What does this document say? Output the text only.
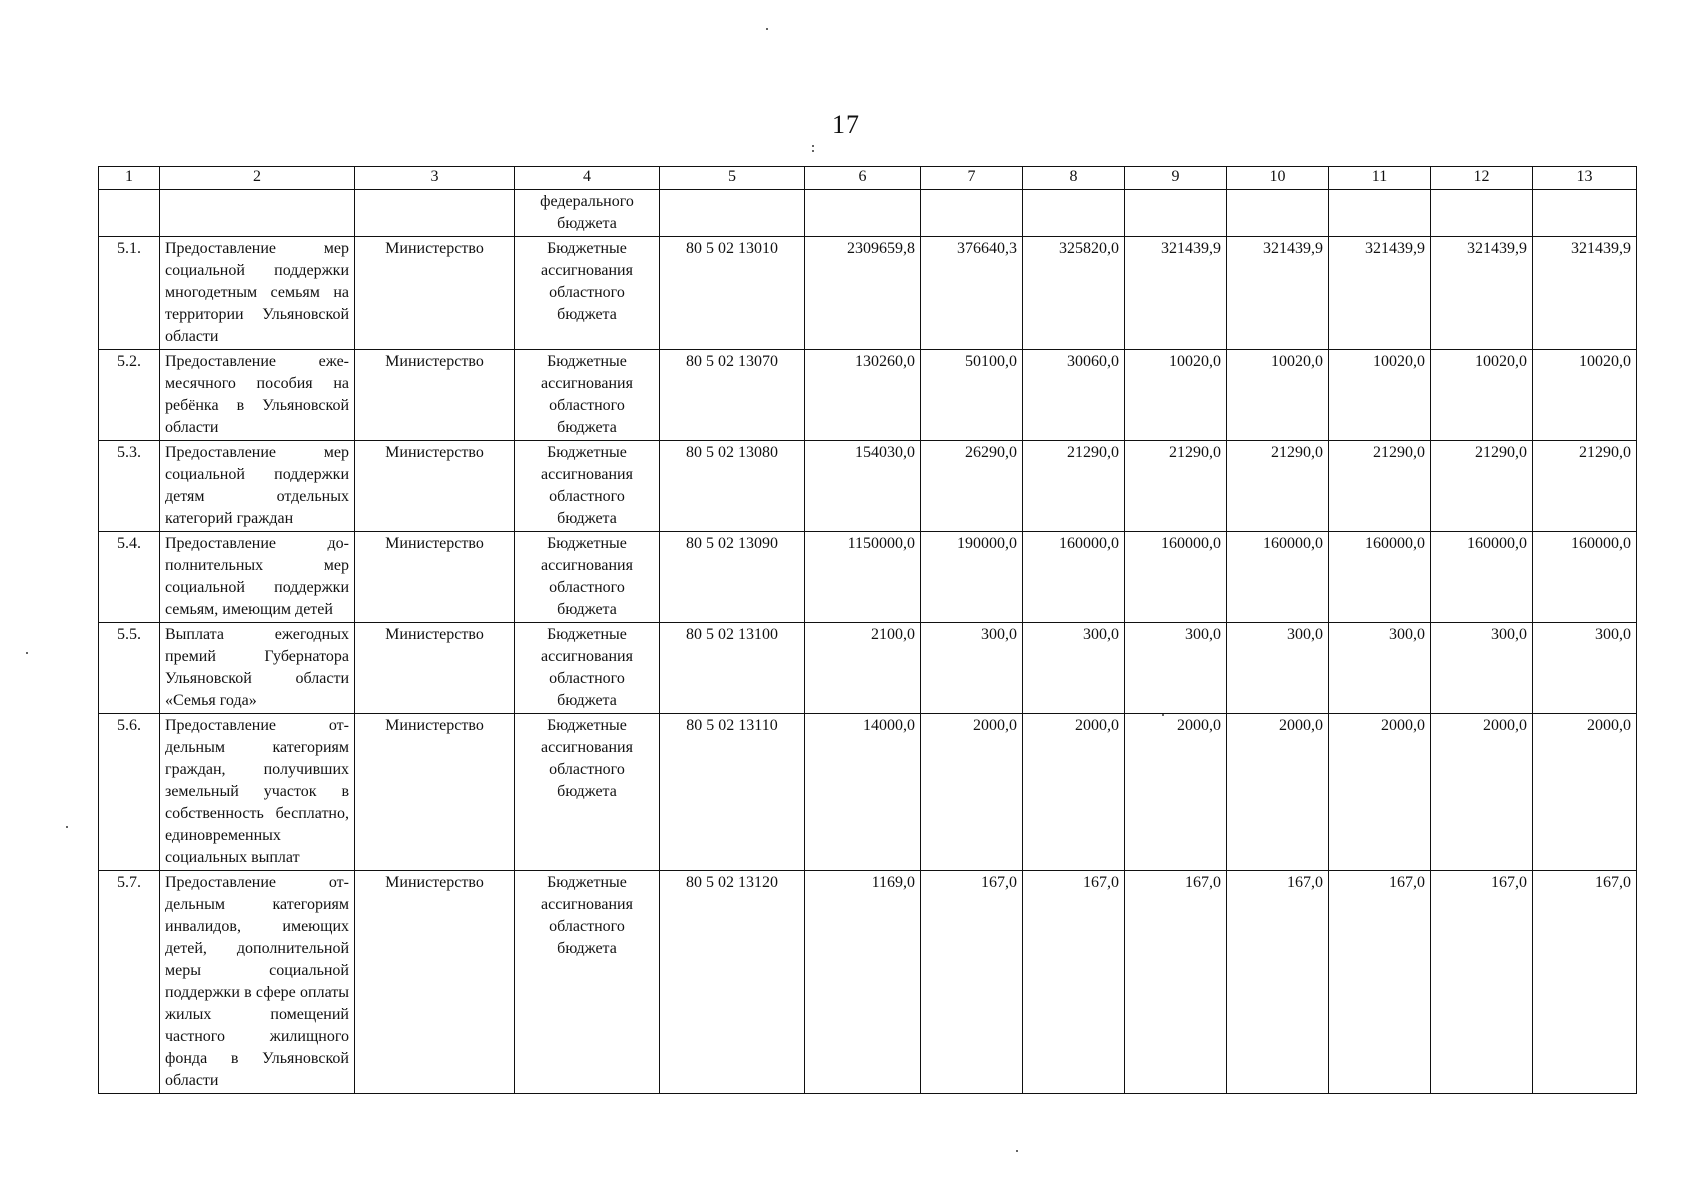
17
1	2	3	4	5	6	7	8	9	10	11	12	13
			федерального бюджета									
5.1.	Предоставление мер социальной поддержки многодетным семьям на территории Ульяновской области	Министерство	Бюджетные ассигнования областного бюджета	80 5 02 13010	2309659,8	376640,3	325820,0	321439,9	321439,9	321439,9	321439,9	321439,9
5.2.	Предоставление ежемесячного пособия на ребёнка в Ульяновской области	Министерство	Бюджетные ассигнования областного бюджета	80 5 02 13070	130260,0	50100,0	30060,0	10020,0	10020,0	10020,0	10020,0	10020,0
5.3.	Предоставление мер социальной поддержки детям отдельных категорий граждан	Министерство	Бюджетные ассигнования областного бюджета	80 5 02 13080	154030,0	26290,0	21290,0	21290,0	21290,0	21290,0	21290,0	21290,0
5.4.	Предоставление дополнительных мер социальной поддержки семьям, имеющим детей	Министерство	Бюджетные ассигнования областного бюджета	80 5 02 13090	1150000,0	190000,0	160000,0	160000,0	160000,0	160000,0	160000,0	160000,0
5.5.	Выплата ежегодных премий Губернатора Ульяновской области «Семья года»	Министерство	Бюджетные ассигнования областного бюджета	80 5 02 13100	2100,0	300,0	300,0	300,0	300,0	300,0	300,0	300,0
5.6.	Предоставление отдельным категориям граждан, получивших земельный участок в собственность бесплатно, единовременных социальных выплат	Министерство	Бюджетные ассигнования областного бюджета	80 5 02 13110	14000,0	2000,0	2000,0	2000,0	2000,0	2000,0	2000,0	2000,0
5.7.	Предоставление отдельным категориям инвалидов, имеющих детей, дополнительной меры социальной поддержки в сфере оплаты жилых помещений частного жилищного фонда в Ульяновской области	Министерство	Бюджетные ассигнования областного бюджета	80 5 02 13120	1169,0	167,0	167,0	167,0	167,0	167,0	167,0	167,0
